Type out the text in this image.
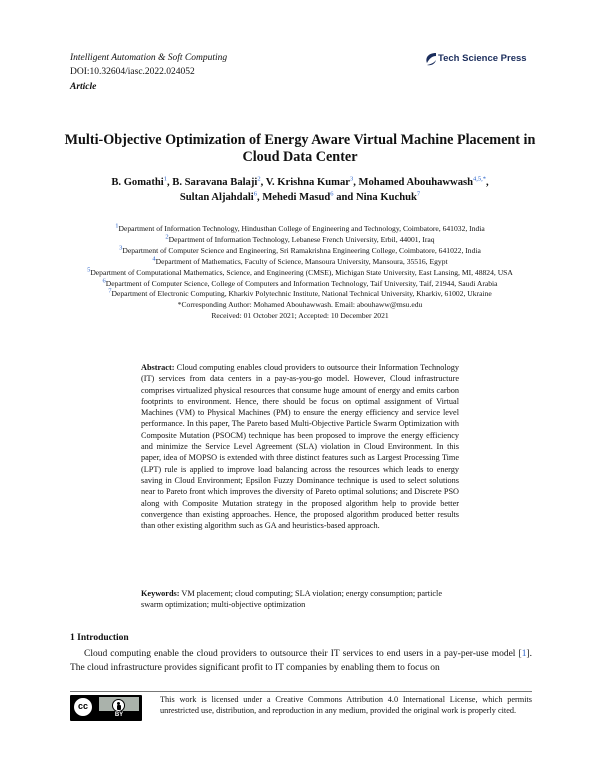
Intelligent Automation & Soft Computing
DOI:10.32604/iasc.2022.024052
Article
Tech Science Press
Multi-Objective Optimization of Energy Aware Virtual Machine Placement in Cloud Data Center
B. Gomathi$^1$, B. Saravana Balaji$^2$, V. Krishna Kumar$^3$, Mohamed Abouhawwash$^{4,5,*}$,
Sultan Aljahdali$^6$, Mehedi Masud$^6$ and Nina Kuchuk$^7$
$^1$Department of Information Technology, Hindusthan College of Engineering and Technology, Coimbatore, 641032, India
$^2$Department of Information Technology, Lebanese French University, Erbil, 44001, Iraq
$^3$Department of Computer Science and Engineering, Sri Ramakrishna Engineering College, Coimbatore, 641022, India
$^4$Department of Mathematics, Faculty of Science, Mansoura University, Mansoura, 35516, Egypt
$^5$Department of Computational Mathematics, Science, and Engineering (CMSE), Michigan State University, East Lansing, MI, 48824, USA
$^6$Department of Computer Science, College of Computers and Information Technology, Taif University, Taif, 21944, Saudi Arabia
$^7$Department of Electronic Computing, Kharkiv Polytechnic Institute, National Technical University, Kharkiv, 61002, Ukraine
*Corresponding Author: Mohamed Abouhawwash. Email: abouhaww@msu.edu
Received: 01 October 2021; Accepted: 10 December 2021
Abstract: Cloud computing enables cloud providers to outsource their Information Technology (IT) services from data centers in a pay-as-you-go model. However, Cloud infrastructure comprises virtualized physical resources that consume huge amount of energy and emits carbon footprints to environment. Hence, there should be focus on optimal assignment of Virtual Machines (VM) to Physical Machines (PM) to ensure the energy efficiency and service level performance. In this paper, The Pareto based Multi-Objective Particle Swarm Optimization with Composite Mutation (PSOCM) technique has been proposed to improve the energy efficiency and minimize the Service Level Agreement (SLA) violation in Cloud Environment. In this paper, idea of MOPSO is extended with three distinct features such as Largest Processing Time (LPT) rule is applied to improve load balancing across the resources which leads to energy saving in Cloud Environment; Epsilon Fuzzy Dominance technique is used to select solutions near to Pareto front which improves the diversity of Pareto optimal solutions; and Discrete PSO along with Composite Mutation strategy in the proposed algorithm help to provide better convergence than existing approaches. Hence, the proposed algorithm produced better results than other existing algorithm such as GA and heuristics-based approach.
Keywords: VM placement; cloud computing; SLA violation; energy consumption; particle swarm optimization; multi-objective optimization
1 Introduction
Cloud computing enable the cloud providers to outsource their IT services to end users in a pay-per-use model [1]. The cloud infrastructure provides significant profit to IT companies by enabling them to focus on
cc
BY
This work is licensed under a Creative Commons Attribution 4.0 International License, which permits unrestricted use, distribution, and reproduction in any medium, provided the original work is properly cited.
